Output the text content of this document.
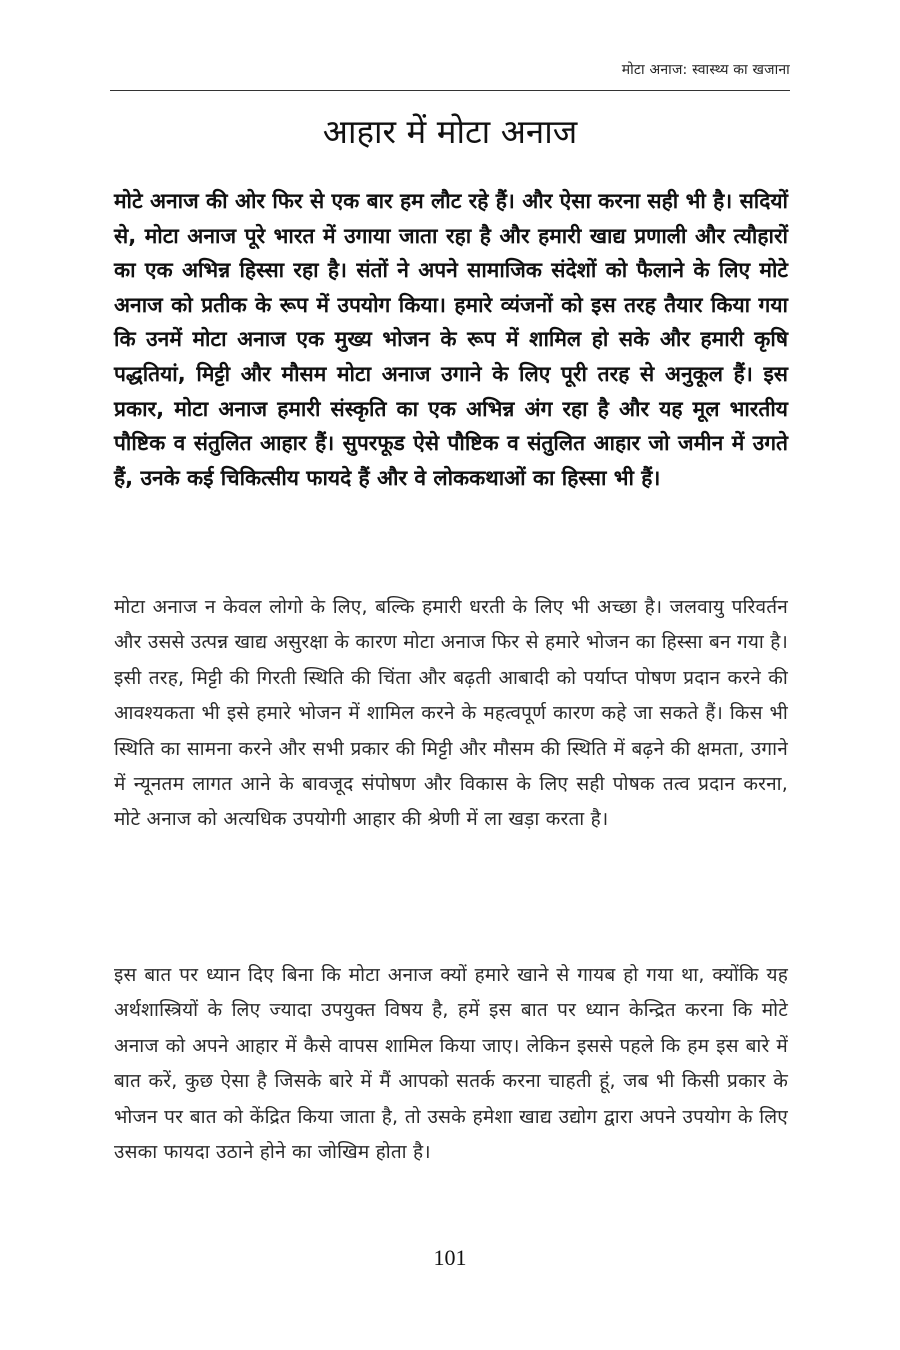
मोटा अनाज: स्वास्थ्य का खजाना
आहार में मोटा अनाज

मोटे अनाज की ओर फिर से एक बार हम लौट रहे हैं। और ऐसा करना सही भी है। सदियों से, मोटा अनाज पूरे भारत में उगाया जाता रहा है और हमारी खाद्य प्रणाली और त्यौहारों का एक अभिन्न हिस्सा रहा है। संतों ने अपने सामाजिक संदेशों को फैलाने के लिए मोटे अनाज को प्रतीक के रूप में उपयोग किया। हमारे व्यंजनों को इस तरह तैयार किया गया कि उनमें मोटा अनाज एक मुख्य भोजन के रूप में शामिल हो सके और हमारी कृषि पद्धतियां, मिट्टी और मौसम मोटा अनाज उगाने के लिए पूरी तरह से अनुकूल हैं। इस प्रकार, मोटा अनाज हमारी संस्कृति का एक अभिन्न अंग रहा है और यह मूल भारतीय पौष्टिक व संतुलित आहार हैं। सुपरफूड ऐसे पौष्टिक व संतुलित आहार जो जमीन में उगते हैं, उनके कई चिकित्सीय फायदे हैं और वे लोककथाओं का हिस्सा भी हैं।

मोटा अनाज न केवल लोगो के लिए, बल्कि हमारी धरती के लिए भी अच्छा है। जलवायु परिवर्तन और उससे उत्पन्न खाद्य असुरक्षा के कारण मोटा अनाज फिर से हमारे भोजन का हिस्सा बन गया है। इसी तरह, मिट्टी की गिरती स्थिति की चिंता और बढ़ती आबादी को पर्याप्त पोषण प्रदान करने की आवश्यकता भी इसे हमारे भोजन में शामिल करने के महत्वपूर्ण कारण कहे जा सकते हैं। किस भी स्थिति का सामना करने और सभी प्रकार की मिट्टी और मौसम की स्थिति में बढ़ने की क्षमता, उगाने में न्यूनतम लागत आने के बावजूद संपोषण और विकास के लिए सही पोषक तत्व प्रदान करना, मोटे अनाज को अत्यधिक उपयोगी आहार की श्रेणी में ला खड़ा करता है।

इस बात पर ध्यान दिए बिना कि मोटा अनाज क्यों हमारे खाने से गायब हो गया था, क्योंकि यह अर्थशास्त्रियों के लिए ज्यादा उपयुक्त विषय है, हमें इस बात पर ध्यान केन्द्रित करना कि मोटे अनाज को अपने आहार में कैसे वापस शामिल किया जाए। लेकिन इससे पहले कि हम इस बारे में बात करें, कुछ ऐसा है जिसके बारे में मैं आपको सतर्क करना चाहती हूं, जब भी किसी प्रकार के भोजन पर बात को केंद्रित किया जाता है, तो उसके हमेशा खाद्य उद्योग द्वारा अपने उपयोग के लिए उसका फायदा उठाने होने का जोखिम होता है।

101
